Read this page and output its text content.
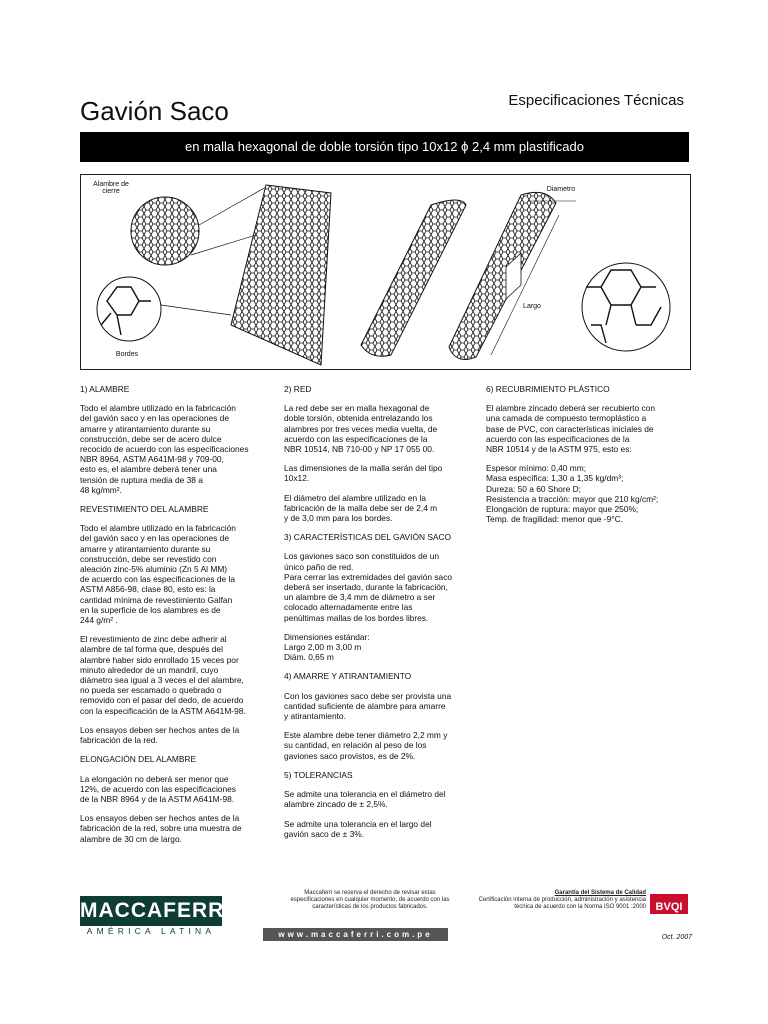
Gavión Saco	Especificaciones Técnicas
en malla hexagonal de doble torsión tipo 10x12 ϕ 2,4 mm plastificado
Alambre de
cierre
Bordes
Diametro
Largo

1) ALAMBRE

Todo el alambre utilizado en la fabricación
del gavión saco y en las operaciones de
amarre y atirantamiento durante su
construcción, debe ser de acero dulce
recocido de acuerdo con las especificaciones
NBR 8964, ASTM A641M-98 y 709-00,
esto es, el alambre deberá tener una
tensión de ruptura media de 38 a
48 kg/mm².

REVESTIMIENTO DEL ALAMBRE

Todo el alambre utilizado en la fabricación
del gavión saco y en las operaciones de
amarre y atirantamiento durante su
construcción, debe ser revestido con
aleación zinc-5% aluminio (Zn 5 Al MM)
de acuerdo con las especificaciones de la
ASTM A856-98, clase 80, esto es: la
cantidad mínima de revestimiento Galfan
en la superficie de los alambres es de
244 g/m² .

El revestimiento de zinc debe adherir al
alambre de tal forma que, después del
alambre haber sido enrollado 15 veces por
minuto alrededor de un mandril, cuyo
diámetro sea igual a 3 veces el del alambre,
no pueda ser escamado o quebrado o
removido con el pasar del dedo, de acuerdo
con la especificación de la ASTM A641M-98.

Los ensayos deben ser hechos antes de la
fabricación de la red.

ELONGACIÓN DEL ALAMBRE

La elongación no deberá ser menor que
12%, de acuerdo con las especificaciones
de la NBR 8964 y de la ASTM A641M-98.

Los ensayos deben ser hechos antes de la
fabricación de la red, sobre una muestra de
alambre de 30 cm de largo.

2) RED

La red debe ser en malla hexagonal de
doble torsión, obtenida entrelazando los
alambres por tres veces media vuelta, de
acuerdo con las especificaciones de la
NBR 10514, NB 710-00 y NP 17 055 00.

Las dimensiones de la malla serán del tipo
10x12.

El diámetro del alambre utilizado en la
fabricación de la malla debe ser de 2,4 m
y de 3,0 mm para los bordes.

3) CARACTERÍSTICAS DEL GAVIÓN SACO

Los gaviones saco son constituidos de un
único paño de red.
Para cerrar las extremidades del gavión saco
deberá ser insertado, durante la fabricación,
un alambre de 3,4 mm de diámetro a ser
colocado alternadamente entre las
penúltimas mallas de los bordes libres.

Dimensiones estándar:
Largo 2,00 m 3,00 m
Diám. 0,65 m

4) AMARRE Y ATIRANTAMIENTO

Con los gaviones saco debe ser provista una
cantidad suficiente de alambre para amarre
y atirantamiento.

Este alambre debe tener diámetro 2,2 mm y
su cantidad, en relación al peso de los
gaviones saco provistos, es de 2%.

5) TOLERANCIAS

Se admite una tolerancia en el diámetro del
alambre zincado de ± 2,5%.

Se admite una tolerancia en el largo del
gavión saco de ± 3%.

6) RECUBRIMIENTO PLÁSTICO

El alambre zincado deberá ser recubierto con
una camada de compuesto termoplástico a
base de PVC, con características iniciales de
acuerdo con las especificaciones de la
NBR 10514 y de la ASTM 975, esto es:

Espesor mínimo: 0,40 mm;
Masa específica: 1,30 a 1,35 kg/dm³;
Dureza: 50 a 60 Shore D;
Resistencia a tracción: mayor que 210 kg/cm²;
Elongación de ruptura: mayor que 250%;
Temp. de fragilidad: menor que -9°C.

MACCAFERRI
AMÉRICA LATINA
Maccaferri se reserva el derecho de revisar estas especificaciones en cualquier momento, de acuerdo con las características de los productos fabricados.
www.maccaferri.com.pe
Garantía del Sistema de Calidad
Certificación interna de producción, administración y asistencia técnica de acuerdo con la Norma ISO 9001 :2000 BVQI
Oct. 2007
